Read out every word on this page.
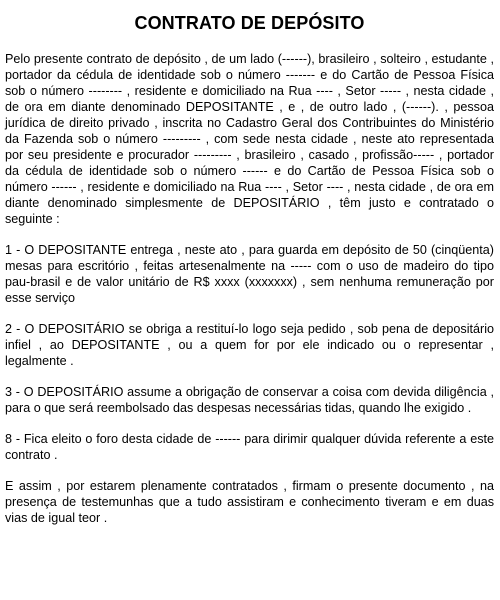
CONTRATO DE DEPÓSITO

Pelo presente contrato de depósito , de um lado (------), brasileiro , solteiro , estudante , portador da cédula de identidade sob o número ------- e do Cartão de Pessoa Física sob o número -------- , residente e domiciliado na Rua ---- , Setor ----- , nesta cidade , de ora em diante denominado DEPOSITANTE , e , de outro lado , (------). , pessoa jurídica de direito privado , inscrita no Cadastro Geral dos Contribuintes do Ministério da Fazenda sob o número --------- , com sede nesta cidade , neste ato representada por seu presidente e procurador --------- , brasileiro , casado , profissão----- , portador da cédula de identidade sob o número ------ e do Cartão de Pessoa Física sob o número ------ , residente e domiciliado na Rua ---- , Setor ---- , nesta cidade , de ora em diante denominado simplesmente de DEPOSITÁRIO , têm justo e contratado o seguinte :

1 - O DEPOSITANTE entrega , neste ato , para guarda em depósito de 50 (cinqüenta) mesas para escritório , feitas artesenalmente na ----- com o uso de madeiro do tipo pau-brasil e de valor unitário de R$ xxxx (xxxxxxx) , sem nenhuma remuneração por esse serviço

2 - O DEPOSITÁRIO se obriga a restituí-lo logo seja pedido , sob pena de depositário infiel , ao DEPOSITANTE , ou a quem for por ele indicado ou o representar , legalmente .

3 - O DEPOSITÁRIO assume a obrigação de conservar a coisa com devida diligência , para o que será reembolsado das despesas necessárias tidas, quando lhe exigido .

8 - Fica eleito o foro desta cidade de ------ para dirimir qualquer dúvida referente a este contrato .

E assim , por estarem plenamente contratados , firmam o presente documento , na presença de testemunhas que a tudo assistiram e conhecimento tiveram e em duas vias de igual teor .
